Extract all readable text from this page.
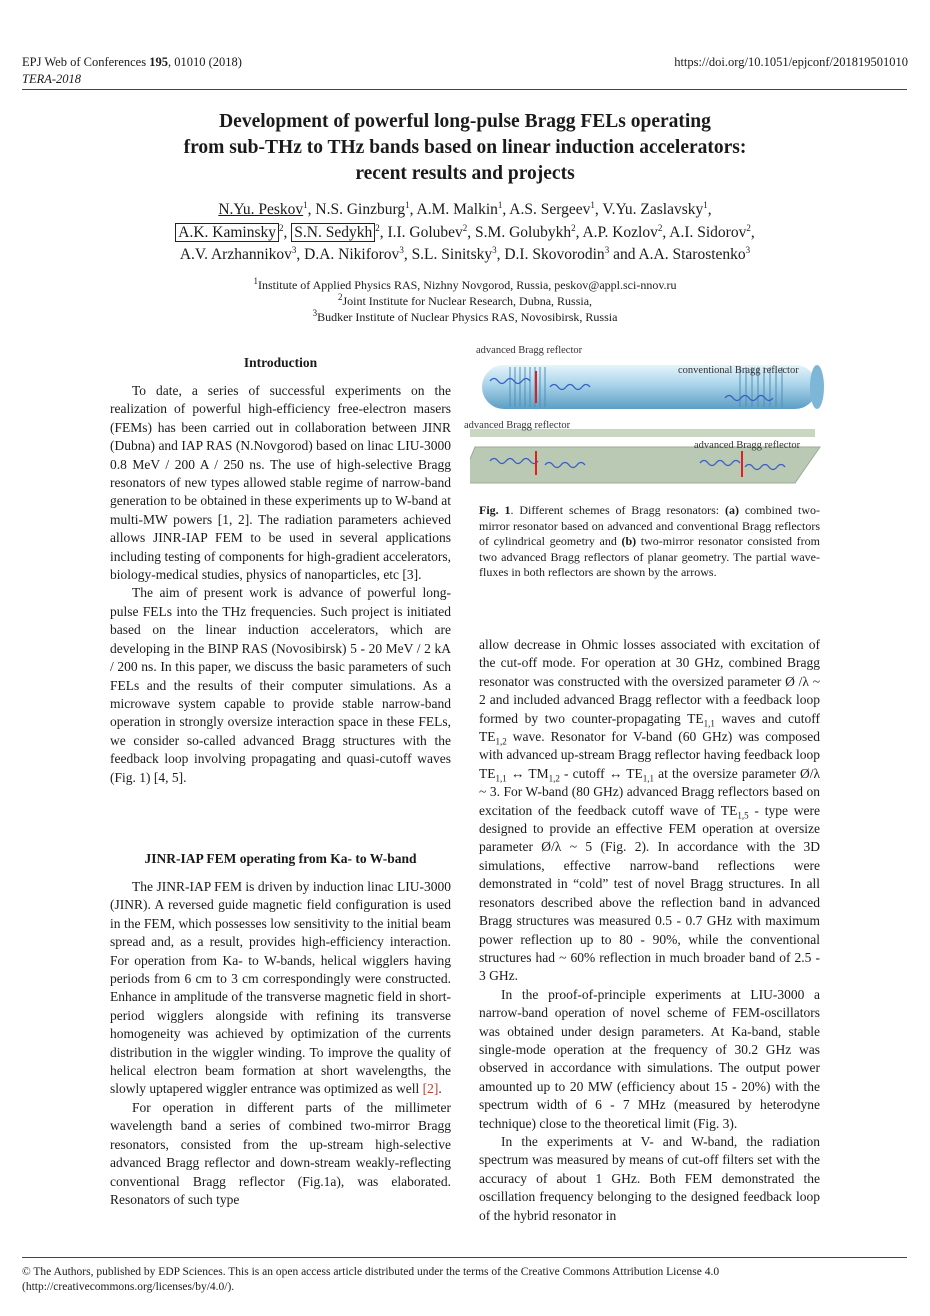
EPJ Web of Conferences 195, 01010 (2018)
TERA-2018
https://doi.org/10.1051/epjconf/201819501010
Development of powerful long-pulse Bragg FELs operating
from sub-THz to THz bands based on linear induction accelerators:
recent results and projects
N.Yu. Peskov$^1$, N.S. Ginzburg$^1$, A.M. Malkin$^1$, A.S. Sergeev$^1$, V.Yu. Zaslavsky$^1$,
A.K. Kaminsky $^2$, S.N. Sedykh $^2$, I.I. Golubev$^2$, S.M. Golubykh$^2$, A.P. Kozlov$^2$, A.I. Sidorov$^2$,
A.V. Arzhannikov$^3$, D.A. Nikiforov$^3$, S.L. Sinitsky$^3$, D.I. Skovorodin$^3$ and A.A. Starostenko$^3$
$^1$Institute of Applied Physics RAS, Nizhny Novgorod, Russia, peskov@appl.sci-nnov.ru
$^2$Joint Institute for Nuclear Research, Dubna, Russia,
$^3$Budker Institute of Nuclear Physics RAS, Novosibirsk, Russia
Introduction

To date, a series of successful experiments on the realization of powerful high-efficiency free-electron masers (FEMs) has been carried out in collaboration between JINR (Dubna) and IAP RAS (N.Novgorod) based on linac LIU-3000 0.8 MeV / 200 A / 250 ns. The use of high-selective Bragg resonators of new types allowed stable regime of narrow-band generation to be obtained in these experiments up to W-band at multi-MW powers [1, 2]. The radiation parameters achieved allows JINR-IAP FEM to be used in several applications including testing of components for high-gradient accelerators, biology-medical studies, physics of nanoparticles, etc [3].

The aim of present work is advance of powerful long-pulse FELs into the THz frequencies. Such project is initiated based on the linear induction accelerators, which are developing in the BINP RAS (Novosibirsk) 5 - 20 MeV / 2 kA / 200 ns. In this paper, we discuss the basic parameters of such FELs and the results of their computer simulations. As a microwave system capable to provide stable narrow-band operation in strongly oversize interaction space in these FELs, we consider so-called advanced Bragg structures with the feedback loop involving propagating and quasi-cutoff waves (Fig. 1) [4, 5].

JINR-IAP FEM operating from Ka- to W-band

The JINR-IAP FEM is driven by induction linac LIU-3000 (JINR). A reversed guide magnetic field configuration is used in the FEM, which possesses low sensitivity to the initial beam spread and, as a result, provides high-efficiency interaction. For operation from Ka- to W-bands, helical wigglers having periods from 6 cm to 3 cm correspondingly were constructed. Enhance in amplitude of the transverse magnetic field in short-period wigglers alongside with refining its transverse homogeneity was achieved by optimization of the currents distribution in the wiggler winding. To improve the quality of helical electron beam formation at short wavelengths, the slowly uptapered wiggler entrance was optimized as well [2].

For operation in different parts of the millimeter wavelength band a series of combined two-mirror Bragg resonators, consisted from the up-stream high-selective advanced Bragg reflector and down-stream weakly-reflecting conventional Bragg reflector (Fig.1a), was elaborated. Resonators of such type

advanced Bragg reflector
conventional Bragg reflector
advanced Bragg reflector
advanced Bragg reflector
Fig. 1. Different schemes of Bragg resonators: (a) combined two-mirror resonator based on advanced and conventional Bragg reflectors of cylindrical geometry and (b) two-mirror resonator consisted from two advanced Bragg reflectors of planar geometry. The partial wave-fluxes in both reflectors are shown by the arrows.

allow decrease in Ohmic losses associated with excitation of the cut-off mode. For operation at 30 GHz, combined Bragg resonator was constructed with the oversized parameter Ø /λ ~ 2 and included advanced Bragg reflector with a feedback loop formed by two counter-propagating $TE_{1,1}$ waves and cutoff $TE_{1,2}$ wave. Resonator for V-band (60 GHz) was composed with advanced up-stream Bragg reflector having feedback loop $TE_{1,1}$ ↔ $TM_{1,2}$ - cutoff ↔ $TE_{1,1}$ at the oversize parameter Ø/λ ~ 3. For W-band (80 GHz) advanced Bragg reflectors based on excitation of the feedback cutoff wave of $TE_{1,5}$ - type were designed to provide an effective FEM operation at oversize parameter Ø/λ ~ 5 (Fig. 2). In accordance with the 3D simulations, effective narrow-band reflections were demonstrated in “cold” test of novel Bragg structures. In all resonators described above the reflection band in advanced Bragg structures was measured 0.5 - 0.7 GHz with maximum power reflection up to 80 - 90%, while the conventional structures had ~ 60% reflection in much broader band of 2.5 - 3 GHz.

In the proof-of-principle experiments at LIU-3000 a narrow-band operation of novel scheme of FEM-oscillators was obtained under design parameters. At Ka-band, stable single-mode operation at the frequency of 30.2 GHz was observed in accordance with simulations. The output power amounted up to 20 MW (efficiency about 15 - 20%) with the spectrum width of 6 - 7 MHz (measured by heterodyne technique) close to the theoretical limit (Fig. 3).

In the experiments at V- and W-band, the radiation spectrum was measured by means of cut-off filters set with the accuracy of about 1 GHz. Both FEM demonstrated the oscillation frequency belonging to the designed feedback loop of the hybrid resonator in

© The Authors, published by EDP Sciences. This is an open access article distributed under the terms of the Creative Commons Attribution License 4.0
(http://creativecommons.org/licenses/by/4.0/).
